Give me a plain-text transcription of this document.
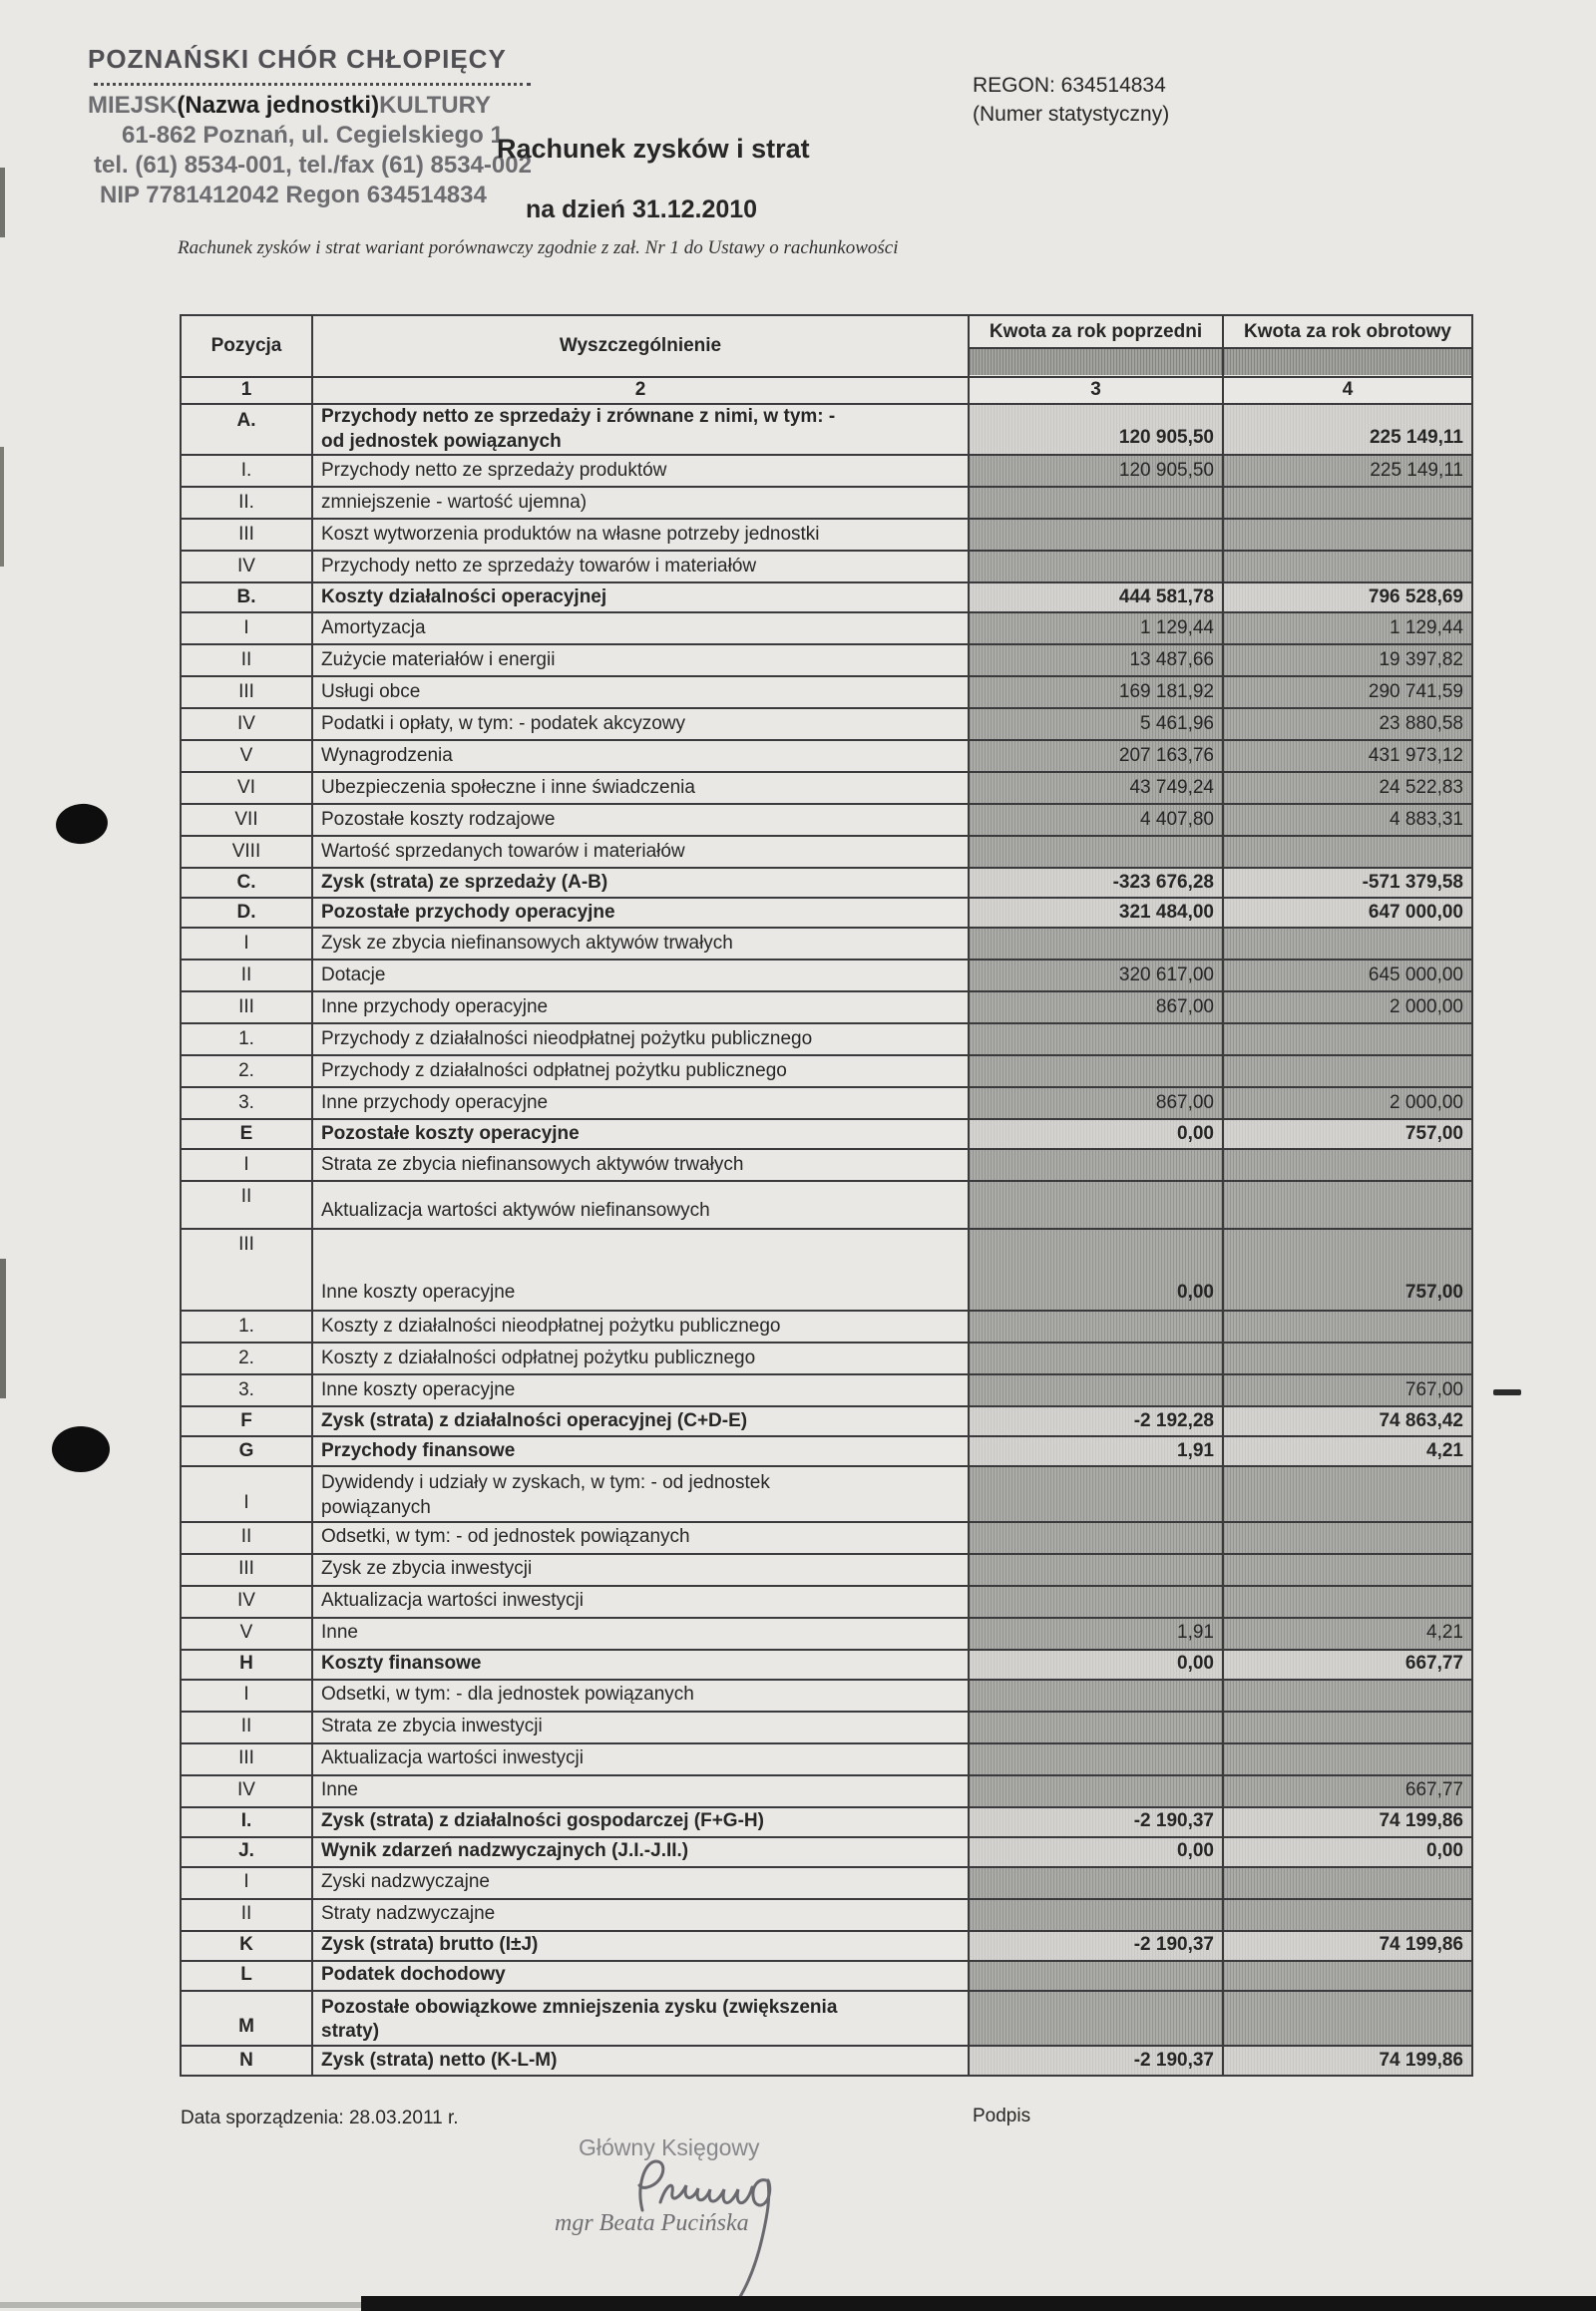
POZNAŃSKI CHÓR CHŁOPIĘCY
MIEJSK(Nazwa jednostki)KULTURY
61-862 Poznań, ul. Cegielskiego 1
tel. (61) 8534-001, tel./fax (61) 8534-002
NIP 7781412042 Regon 634514834
Rachunek zysków i strat
na dzień 31.12.2010
REGON: 634514834
(Numer statystyczny)
Rachunek zysków i strat wariant porównawczy zgodnie z zał. Nr 1 do Ustawy o rachunkowości
Pozycja	Wyszczególnienie	Kwota za rok poprzedni	Kwota za rok obrotowy

1	2	3	4
A.	Przychody netto ze sprzedaży i zrównane z nimi, w tym: -
od jednostek powiązanych	120 905,50	225 149,11
I.	Przychody netto ze sprzedaży produktów	120 905,50	225 149,11
II.	zmniejszenie - wartość ujemna)		
III	Koszt wytworzenia produktów na własne potrzeby jednostki		
IV	Przychody netto ze sprzedaży towarów i materiałów		
B.	Koszty działalności operacyjnej	444 581,78	796 528,69
I	Amortyzacja	1 129,44	1 129,44
II	Zużycie materiałów i energii	13 487,66	19 397,82
III	Usługi obce	169 181,92	290 741,59
IV	Podatki i opłaty, w tym: - podatek akcyzowy	5 461,96	23 880,58
V	Wynagrodzenia	207 163,76	431 973,12
VI	Ubezpieczenia społeczne i inne świadczenia	43 749,24	24 522,83
VII	Pozostałe koszty rodzajowe	4 407,80	4 883,31
VIII	Wartość sprzedanych towarów i materiałów		
C.	Zysk (strata) ze sprzedaży (A-B)	-323 676,28	-571 379,58
D.	Pozostałe przychody operacyjne	321 484,00	647 000,00
I	Zysk ze zbycia niefinansowych aktywów trwałych		
II	Dotacje	320 617,00	645 000,00
III	Inne przychody operacyjne	867,00	2 000,00
1.	Przychody z działalności nieodpłatnej pożytku publicznego		
2.	Przychody z działalności odpłatnej pożytku publicznego		
3.	Inne przychody operacyjne	867,00	2 000,00
E	Pozostałe koszty operacyjne	0,00	757,00
I	Strata ze zbycia niefinansowych aktywów trwałych		
II	Aktualizacja wartości aktywów niefinansowych		
III	Inne koszty operacyjne	0,00	757,00
1.	Koszty z działalności nieodpłatnej pożytku publicznego		
2.	Koszty z działalności odpłatnej pożytku publicznego		
3.	Inne koszty operacyjne		767,00
F	Zysk (strata) z działalności operacyjnej (C+D-E)	-2 192,28	74 863,42
G	Przychody finansowe	1,91	4,21
I	Dywidendy i udziały w zyskach, w tym: - od jednostek
powiązanych		
II	Odsetki, w tym: - od jednostek powiązanych		
III	Zysk ze zbycia inwestycji		
IV	Aktualizacja wartości inwestycji		
V	Inne	1,91	4,21
H	Koszty finansowe	0,00	667,77
I	Odsetki, w tym: - dla jednostek powiązanych		
II	Strata ze zbycia inwestycji		
III	Aktualizacja wartości inwestycji		
IV	Inne		667,77
I.	Zysk (strata) z działalności gospodarczej (F+G-H)	-2 190,37	74 199,86
J.	Wynik zdarzeń nadzwyczajnych (J.I.-J.II.)	0,00	0,00
I	Zyski nadzwyczajne		
II	Straty nadzwyczajne		
K	Zysk (strata) brutto (I±J)	-2 190,37	74 199,86
L	Podatek dochodowy		
M	Pozostałe obowiązkowe zmniejszenia zysku (zwiększenia
straty)		
N	Zysk (strata) netto (K-L-M)	-2 190,37	74 199,86
Data sporządzenia: 28.03.2011 r.	Podpis
Główny Księgowy
mgr Beata Pucińska
